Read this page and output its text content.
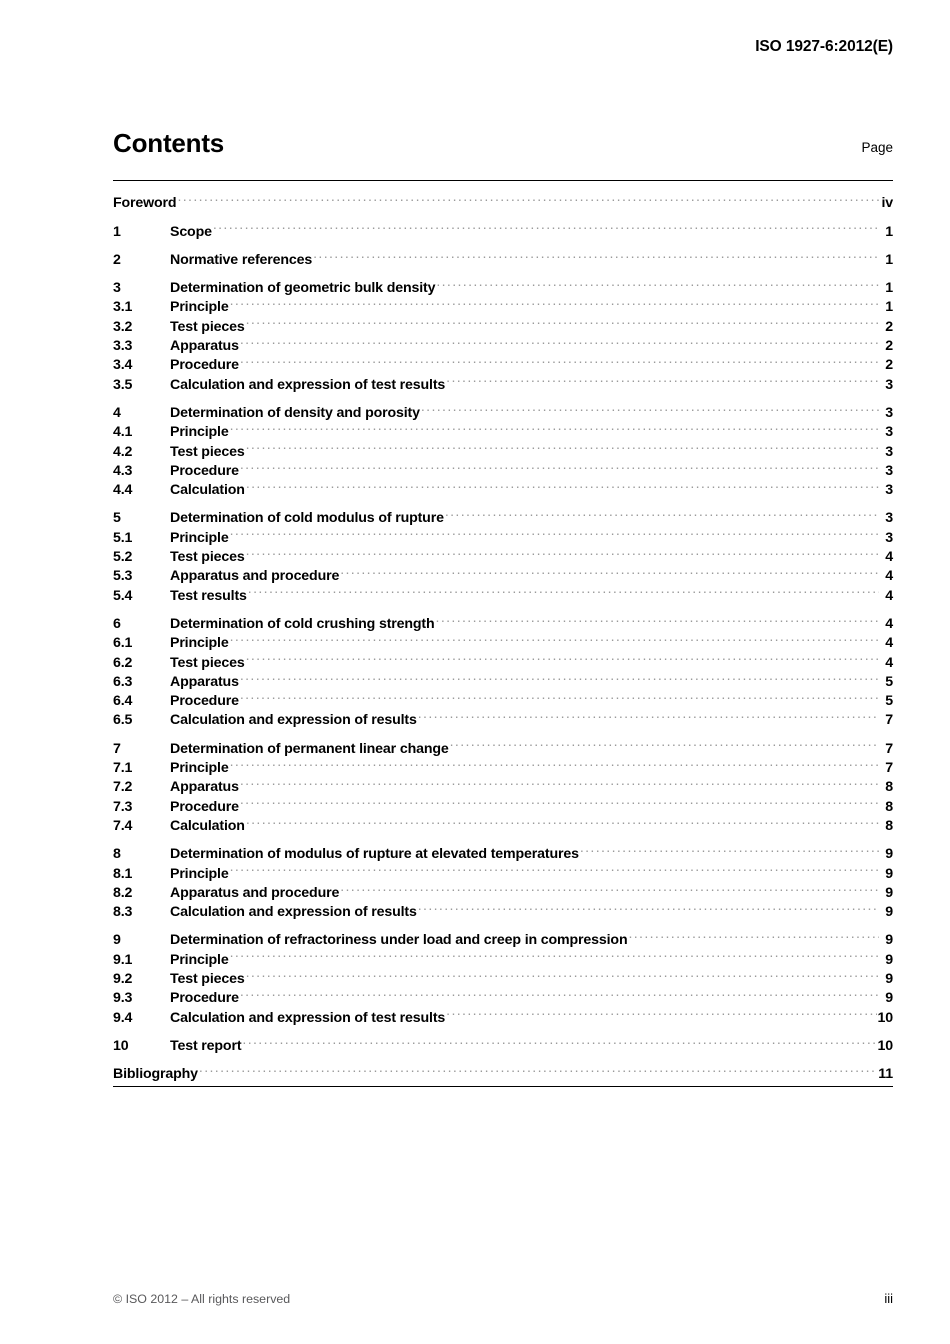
ISO 1927-6:2012(E)
Contents	Page
Foreword .....	iv
1	Scope .....	1
2	Normative references .....	1
3	Determination of geometric bulk density .....	1
3.1	Principle .....	1
3.2	Test pieces .....	2
3.3	Apparatus .....	2
3.4	Procedure .....	2
3.5	Calculation and expression of test results .....	3
4	Determination of density and porosity .....	3
4.1	Principle .....	3
4.2	Test pieces .....	3
4.3	Procedure .....	3
4.4	Calculation .....	3
5	Determination of cold modulus of rupture .....	3
5.1	Principle .....	3
5.2	Test pieces .....	4
5.3	Apparatus and procedure .....	4
5.4	Test results .....	4
6	Determination of cold crushing strength .....	4
6.1	Principle .....	4
6.2	Test pieces .....	4
6.3	Apparatus .....	5
6.4	Procedure .....	5
6.5	Calculation and expression of results .....	7
7	Determination of permanent linear change .....	7
7.1	Principle .....	7
7.2	Apparatus .....	8
7.3	Procedure .....	8
7.4	Calculation .....	8
8	Determination of modulus of rupture at elevated temperatures .....	9
8.1	Principle .....	9
8.2	Apparatus and procedure .....	9
8.3	Calculation and expression of results .....	9
9	Determination of refractoriness under load and creep in compression .....	9
9.1	Principle .....	9
9.2	Test pieces .....	9
9.3	Procedure .....	9
9.4	Calculation and expression of test results .....	10
10	Test report .....	10
Bibliography .....	11
© ISO 2012 – All rights reserved	iii
